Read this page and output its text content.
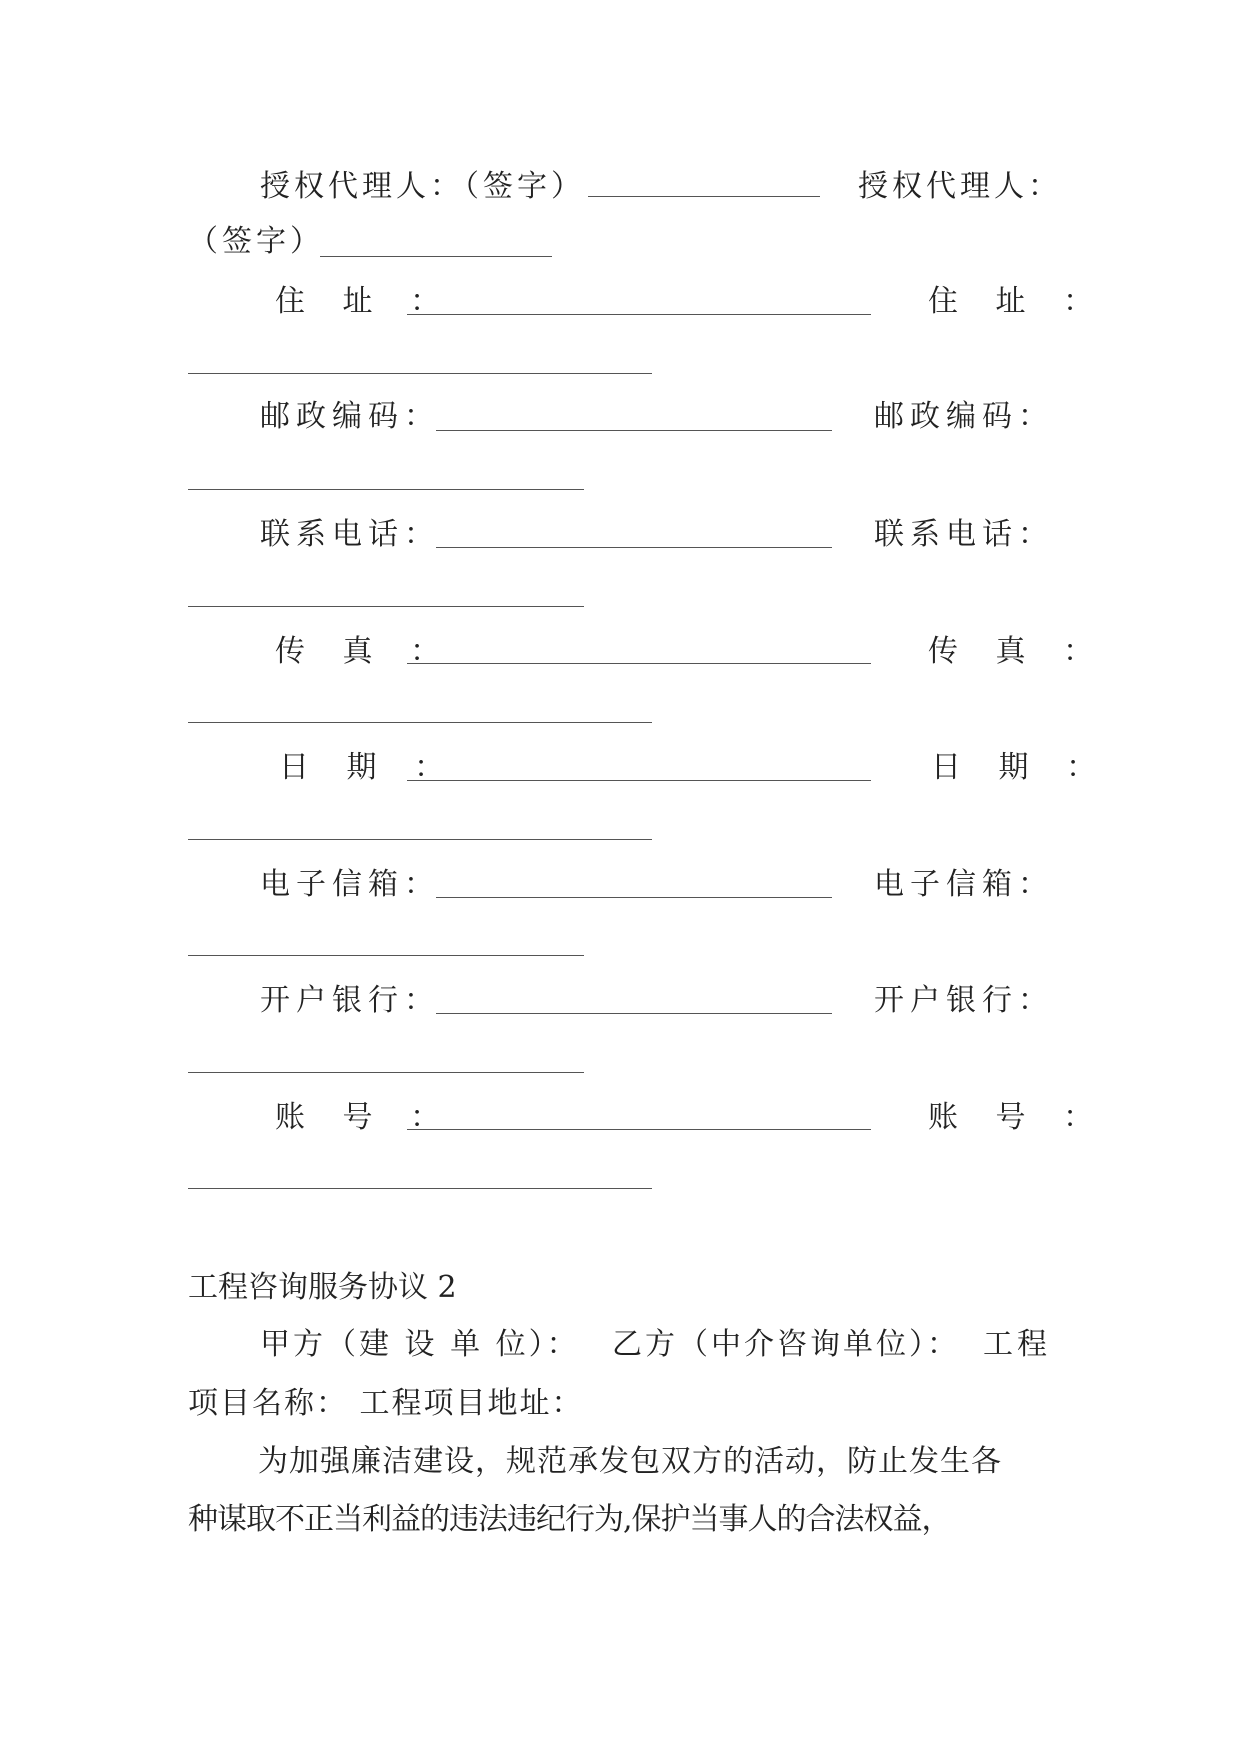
授权代理人：（签字）	授权代理人：
（签字）
住 址 ：	住 址 ：
邮政编码：	邮政编码：
联系电话：	联系电话：
传 真 ：	传 真 ：
日 期 ：	日 期 ：
电子信箱：	电子信箱：
开户银行：	开户银行：
账 号 ：	账 号 ：
工程咨询服务协议 2
甲方（建 设 单 位）： 乙方（中介咨询单位）： 工程
项目名称： 工程项目地址：
为加强廉洁建设，规范承发包双方的活动，防止发生各
种谋取不正当利益的违法违纪行为,保护当事人的合法权益，
